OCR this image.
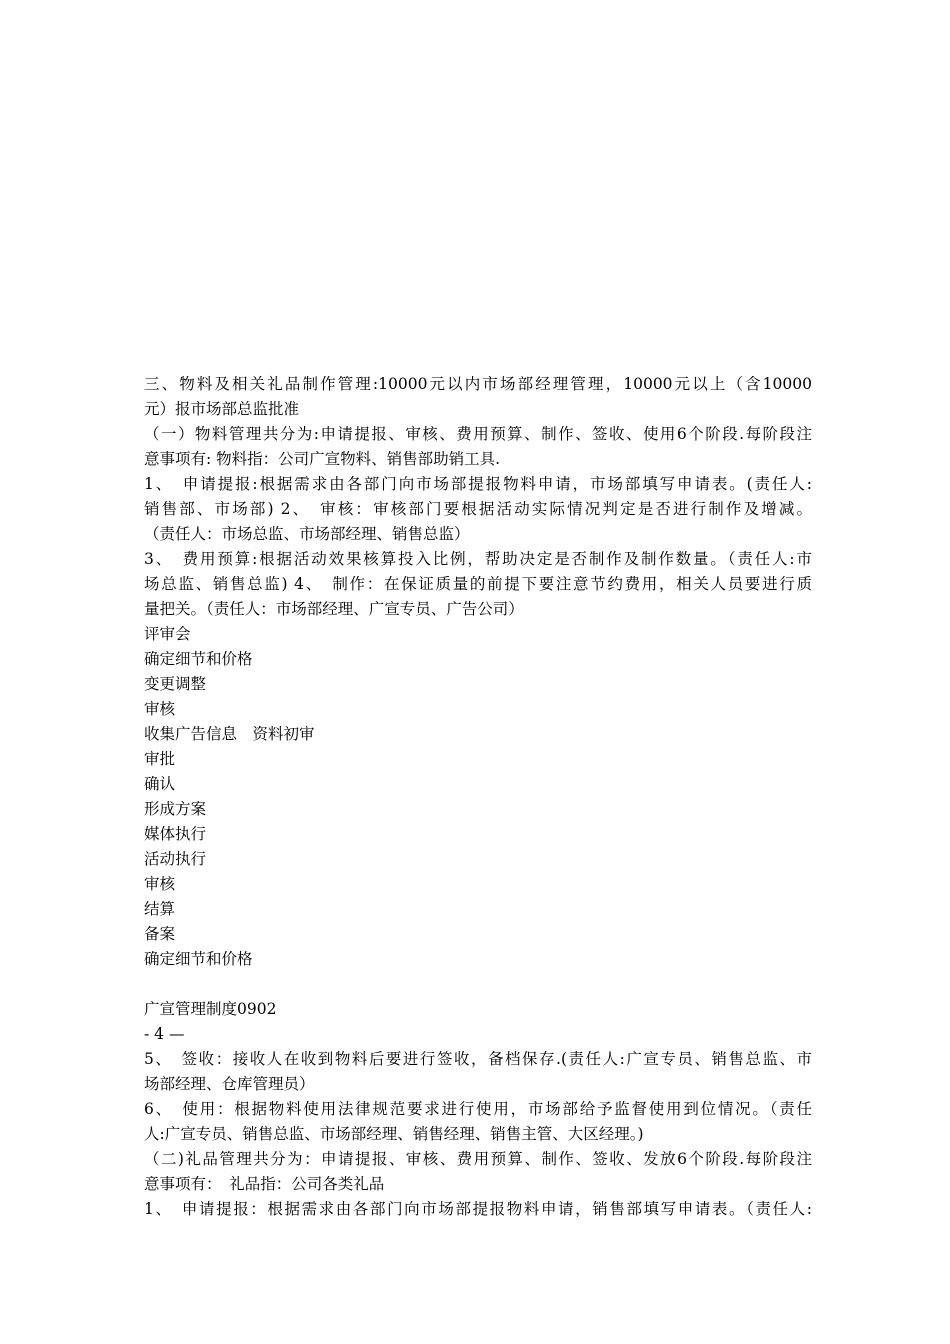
三、物料及相关礼品制作管理:10000元以内市场部经理管理，10000元以上（含10000
元）报市场部总监批准
（一）物料管理共分为:申请提报、审核、费用预算、制作、签收、使用6个阶段.每阶段注
意事项有: 物料指：公司广宣物料、销售部助销工具.
1、　申请提报:根据需求由各部门向市场部提报物料申请，市场部填写申请表。(责任人:
销售部、市场部) 2、　审核：审核部门要根据活动实际情况判定是否进行制作及增减。
（责任人：市场总监、市场部经理、销售总监）
3、　费用预算:根据活动效果核算投入比例，帮助决定是否制作及制作数量。（责任人:市
场总监、销售总监) 4、　制作：在保证质量的前提下要注意节约费用，相关人员要进行质
量把关。（责任人：市场部经理、广宣专员、广告公司）
评审会
确定细节和价格
变更调整
审核
收集广告信息　资料初审
审批
确认
形成方案
媒体执行
活动执行
审核
结算
备案
确定细节和价格
广宣管理制度0902
- 4 —
5、　签收：接收人在收到物料后要进行签收，备档保存.(责任人:广宣专员、销售总监、市
场部经理、仓库管理员）
6、　使用：根据物料使用法律规范要求进行使用，市场部给予监督使用到位情况。（责任
人:广宣专员、销售总监、市场部经理、销售经理、销售主管、大区经理。)
（二)礼品管理共分为：申请提报、审核、费用预算、制作、签收、发放6个阶段.每阶段注
意事项有：　礼品指：公司各类礼品
1、　申请提报：根据需求由各部门向市场部提报物料申请，销售部填写申请表。（责任人:
